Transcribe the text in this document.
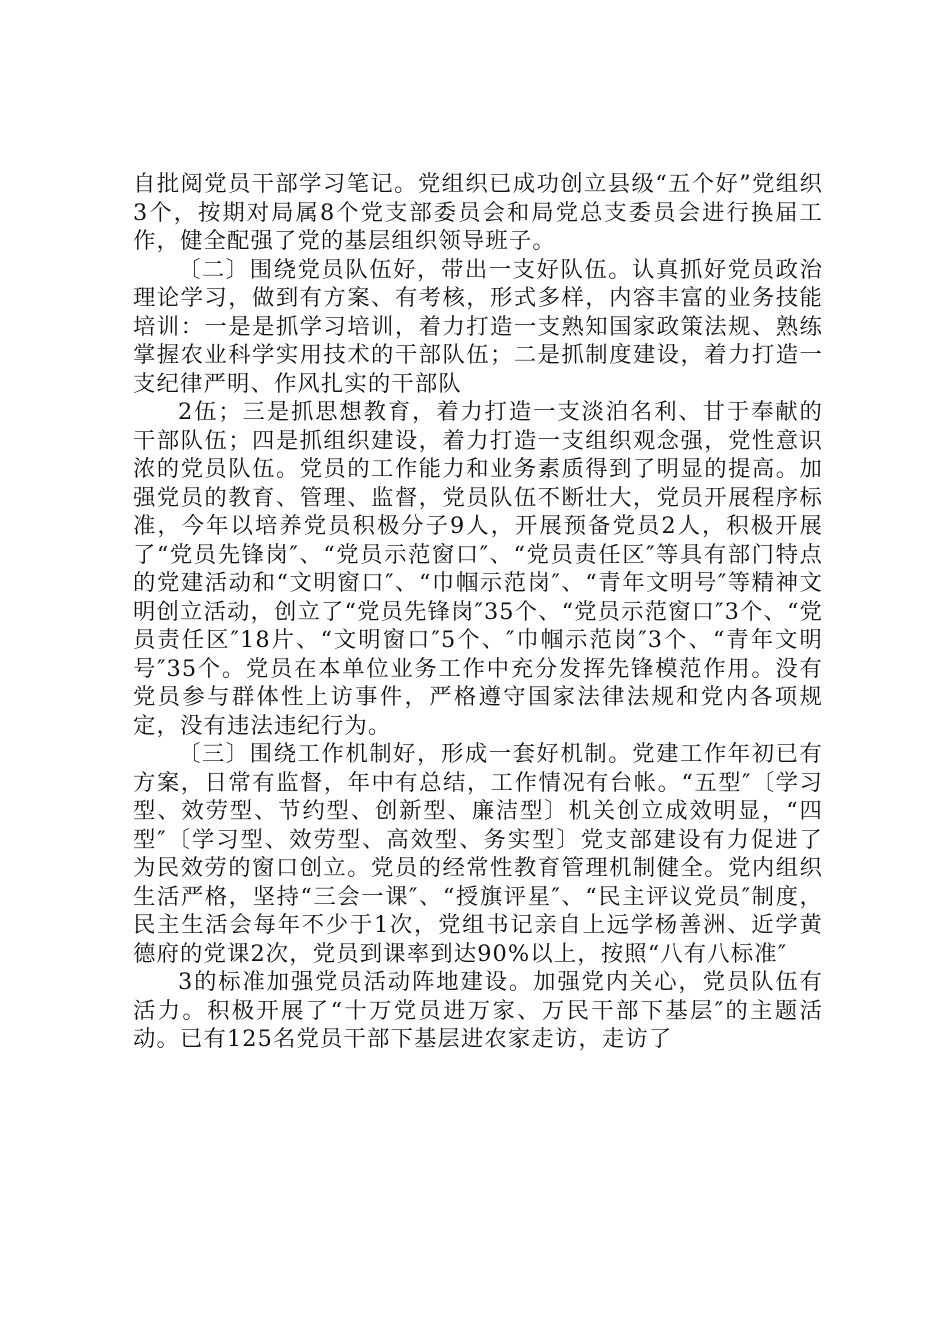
自批阅党员干部学习笔记。党组织已成功创立县级“五个好”党组织3个，按期对局属8个党支部委员会和局党总支委员会进行换届工作，健全配强了党的基层组织领导班子。

〔二〕围绕党员队伍好，带出一支好队伍。认真抓好党员政治理论学习，做到有方案、有考核，形式多样，内容丰富的业务技能培训：一是是抓学习培训，着力打造一支熟知国家政策法规、熟练掌握农业科学实用技术的干部队伍；二是抓制度建设，着力打造一支纪律严明、作风扎实的干部队

2伍；三是抓思想教育，着力打造一支淡泊名利、甘于奉献的干部队伍；四是抓组织建设，着力打造一支组织观念强，党性意识浓的党员队伍。党员的工作能力和业务素质得到了明显的提高。加强党员的教育、管理、监督，党员队伍不断壮大，党员开展程序标准，今年以培养党员积极分子9人，开展预备党员2人，积极开展了“党员先锋岗″、“党员示范窗口″、“党员责任区″等具有部门特点的党建活动和“文明窗口″、“巾帼示范岗″、“青年文明号″等精神文明创立活动，创立了“党员先锋岗″35个、“党员示范窗口″3个、“党员责任区″18片、“文明窗口″5个、″巾帼示范岗″3个、“青年文明号″35个。党员在本单位业务工作中充分发挥先锋模范作用。没有党员参与群体性上访事件，严格遵守国家法律法规和党内各项规定，没有违法违纪行为。

〔三〕围绕工作机制好，形成一套好机制。党建工作年初已有方案，日常有监督，年中有总结，工作情况有台帐。“五型″〔学习型、效劳型、节约型、创新型、廉洁型〕机关创立成效明显，“四型″〔学习型、效劳型、高效型、务实型〕党支部建设有力促进了为民效劳的窗口创立。党员的经常性教育管理机制健全。党内组织生活严格，坚持“三会一课″、“授旗评星″、“民主评议党员″制度，民主生活会每年不少于1次，党组书记亲自上远学杨善洲、近学黄德府的党课2次，党员到课率到达90%以上，按照“八有八标准″

3的标准加强党员活动阵地建设。加强党内关心，党员队伍有活力。积极开展了“十万党员进万家、万民干部下基层″的主题活动。已有125名党员干部下基层进农家走访，走访了
